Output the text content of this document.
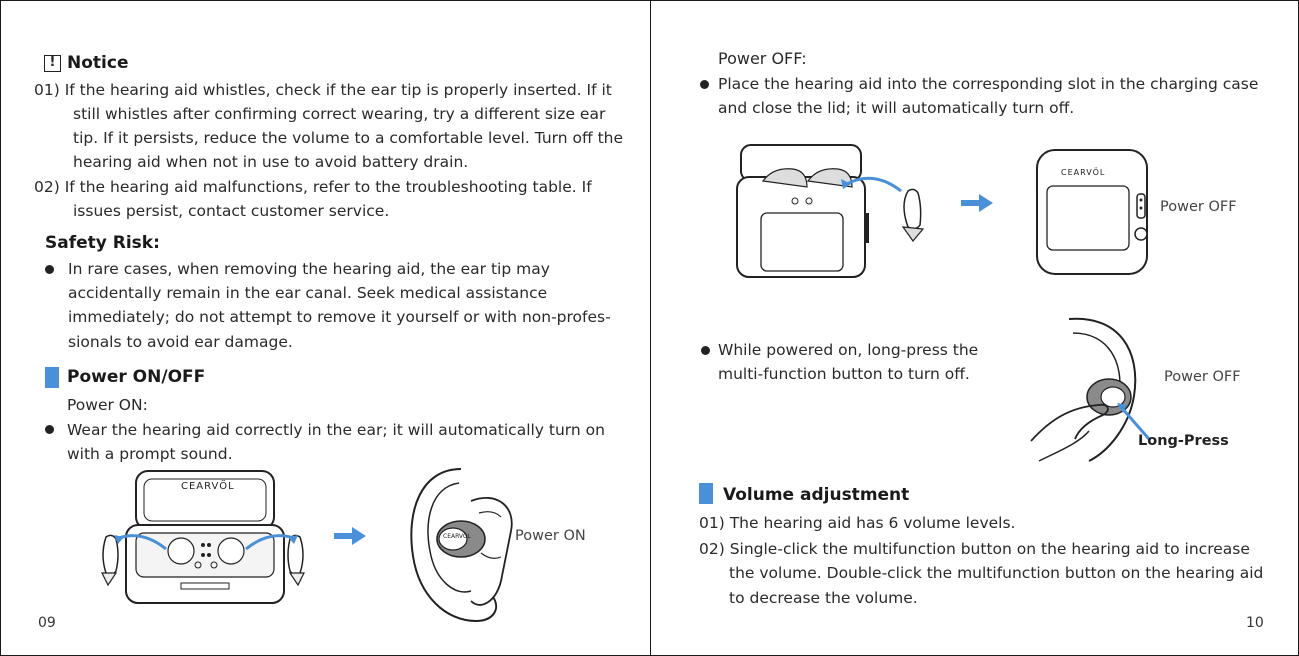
! Notice
01) If the hearing aid whistles, check if the ear tip is properly inserted. If it
still whistles after confirming correct wearing, try a different size ear
tip. If it persists, reduce the volume to a comfortable level. Turn off the
hearing aid when not in use to avoid battery drain.
02) If the hearing aid malfunctions, refer to the troubleshooting table. If
issues persist, contact customer service.
Safety Risk:
In rare cases, when removing the hearing aid, the ear tip may
accidentally remain in the ear canal. Seek medical assistance
immediately; do not attempt to remove it yourself or with non-profes-
sionals to avoid ear damage.
Power ON/OFF
Power ON:
Wear the hearing aid correctly in the ear; it will automatically turn on
with a prompt sound.
CEARVÖL
CEARVÖL	Power ON
09
Power OFF:
Place the hearing aid into the corresponding slot in the charging case
and close the lid; it will automatically turn off.
CEARVÖL
Power OFF
While powered on, long-press the
multi-function button to turn off.	Power OFF
Long-Press
Volume adjustment
01) The hearing aid has 6 volume levels.
02) Single-click the multifunction button on the hearing aid to increase
the volume. Double-click the multifunction button on the hearing aid
to decrease the volume.
10
